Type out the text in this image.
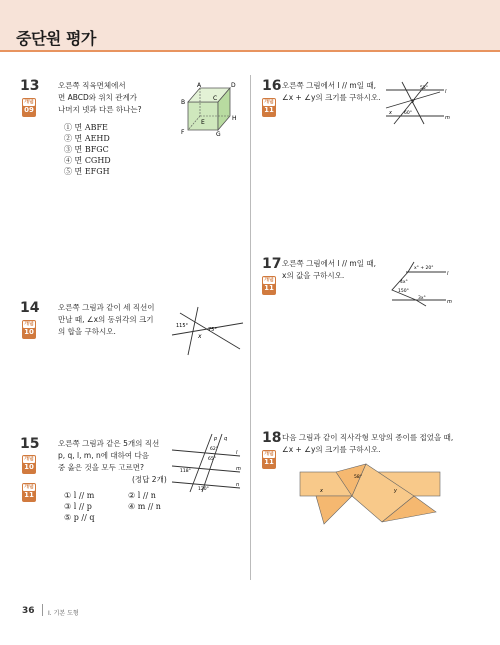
중단원 평가
13
개념
09
오른쪽 직육면체에서
면 ABCD와 위치 관계가
나머지 넷과 다른 하나는?
① 면 ABFE
② 면 AEHD
③ 면 BFGC
④ 면 CGHD
⑤ 면 EFGH
A	D
B
C
H
E
F	G
14
개념
10
오른쪽 그림과 같이 세 직선이
만날 때, ∠x의 동위각의 크기
의 합을 구하시오.
115°
x
75°
15
개념
10
개념
11
오른쪽 그림과 같은 5개의 직선
p, q, l, m, n에 대하여 다음
중 옳은 것을 모두 고르면?
(정답 2개)
① l // m
③ l // p
⑤ p // q
② l // n
④ m // n
p q
62°
65°
118°
120°
l
m
n
16
개념
11
오른쪽 그림에서 l // m일 때,
∠x + ∠y의 크기를 구하시오.
55°
y
x	60°
l
m
17
개념
11
오른쪽 그림에서 l // m일 때,
x의 값을 구하시오.
x° + 20°
4x°
150°
3x°
l
m
18
개념
11
다음 그림과 같이 직사각형 모양의 종이를 접었을 때,
∠x + ∠y의 크기를 구하시오.
x
58°
y
36 I. 기본 도형
